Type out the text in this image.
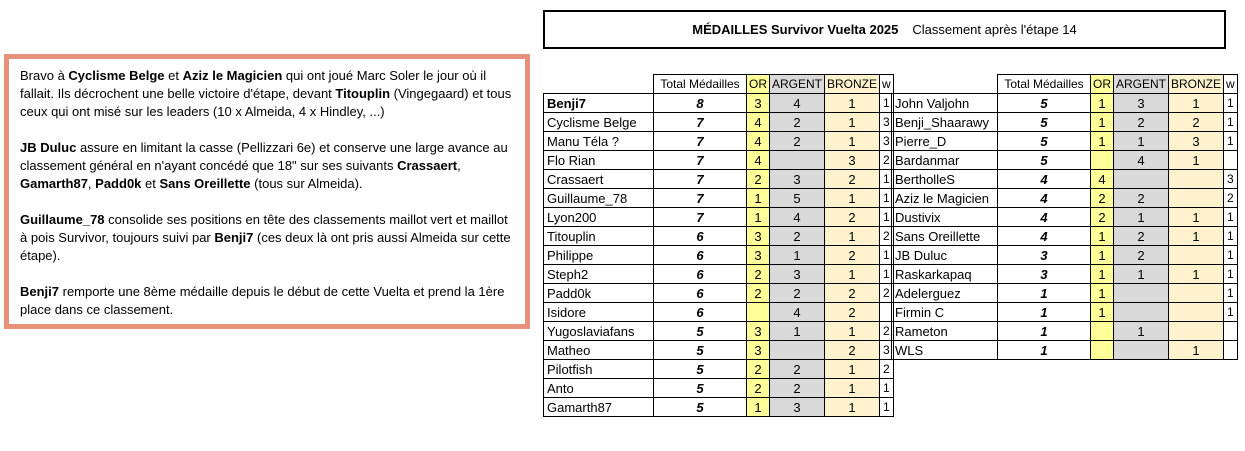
Bravo à Cyclisme Belge et Aziz le Magicien qui ont joué Marc Soler le jour où il fallait. Ils décrochent une belle victoire d'étape, devant Titouplin (Vingegaard) et tous ceux qui ont misé sur les leaders (10 x Almeida, 4 x Hindley, ...)

JB Duluc assure en limitant la casse (Pellizzari 6e) et conserve une large avance au classement général en n'ayant concédé que 18" sur ses suivants Crassaert, Gamarth87, Padd0k et Sans Oreillette (tous sur Almeida).

Guillaume_78 consolide ses positions en tête des classements maillot vert et maillot à pois Survivor, toujours suivi par Benji7 (ces deux là ont pris aussi Almeida sur cette étape).

Benji7 remporte une 8ème médaille depuis le début de cette Vuelta et prend la 1ère place dans ce classement.

MÉDAILLES Survivor Vuelta 2025 Classement après l'étape 14
	Total Médailles	OR	ARGENT	BRONZE	w
Benji7	8	3	4	1	1
Cyclisme Belge	7	4	2	1	3
Manu Téla ?	7	4	2	1	3
Flo Rian	7	4		3	2
Crassaert	7	2	3	2	1
Guillaume_78	7	1	5	1	1
Lyon200	7	1	4	2	1
Titouplin	6	3	2	1	2
Philippe	6	3	1	2	1
Steph2	6	2	3	1	1
Padd0k	6	2	2	2	2
Isidore	6		4	2	
Yugoslaviafans	5	3	1	1	2
Matheo	5	3		2	3
Pilotfish	5	2	2	1	2
Anto	5	2	2	1	1
Gamarth87	5	1	3	1	1
	Total Médailles	OR	ARGENT	BRONZE	w
John Valjohn	5	1	3	1	1
Benji_Shaarawy	5	1	2	2	1
Pierre_D	5	1	1	3	1
Bardanmar	5		4	1	
BertholleS	4	4			3
Aziz le Magicien	4	2	2		2
Dustivix	4	2	1	1	1
Sans Oreillette	4	1	2	1	1
JB Duluc	3	1	2		1
Raskarkapaq	3	1	1	1	1
Adelerguez	1	1			1
Firmin C	1	1			1
Rameton	1		1		
WLS	1			1	
